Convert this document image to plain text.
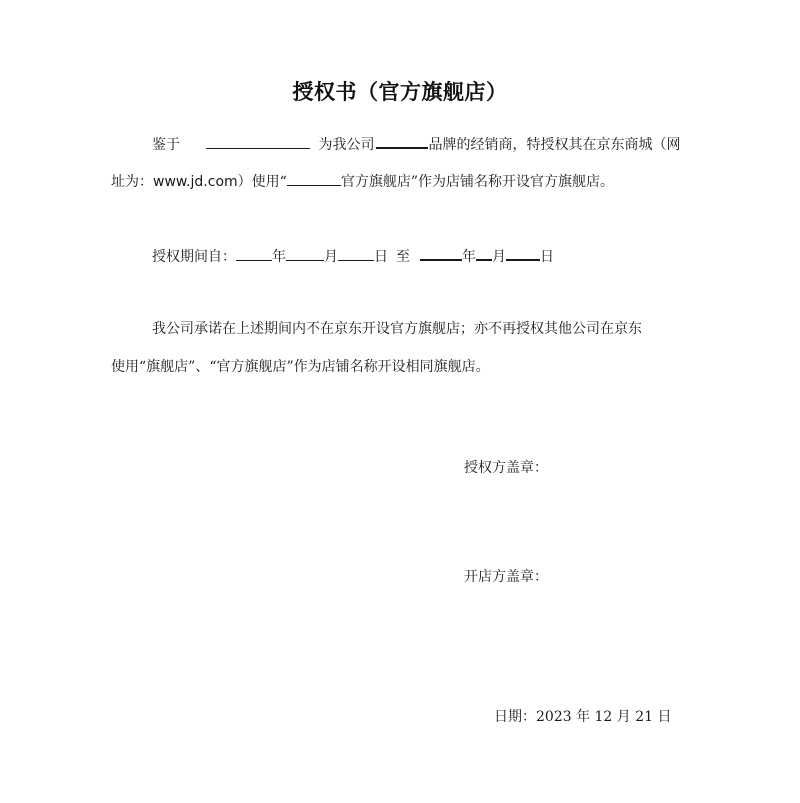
授权书（官方旗舰店）
鉴于	为我公司	品牌的经销商，特授权其在京东商城（网
址为：www.jd.com）使用“	官方旗舰店”作为店铺名称开设官方旗舰店。
授权期间自：	年	月	日 至	年 月 日
我公司承诺在上述期间内不在京东开设官方旗舰店；亦不再授权其他公司在京东
使用“旗舰店”、“官方旗舰店”作为店铺名称开设相同旗舰店。
授权方盖章：
开店方盖章：
日期：2023 年 12 月 21 日
